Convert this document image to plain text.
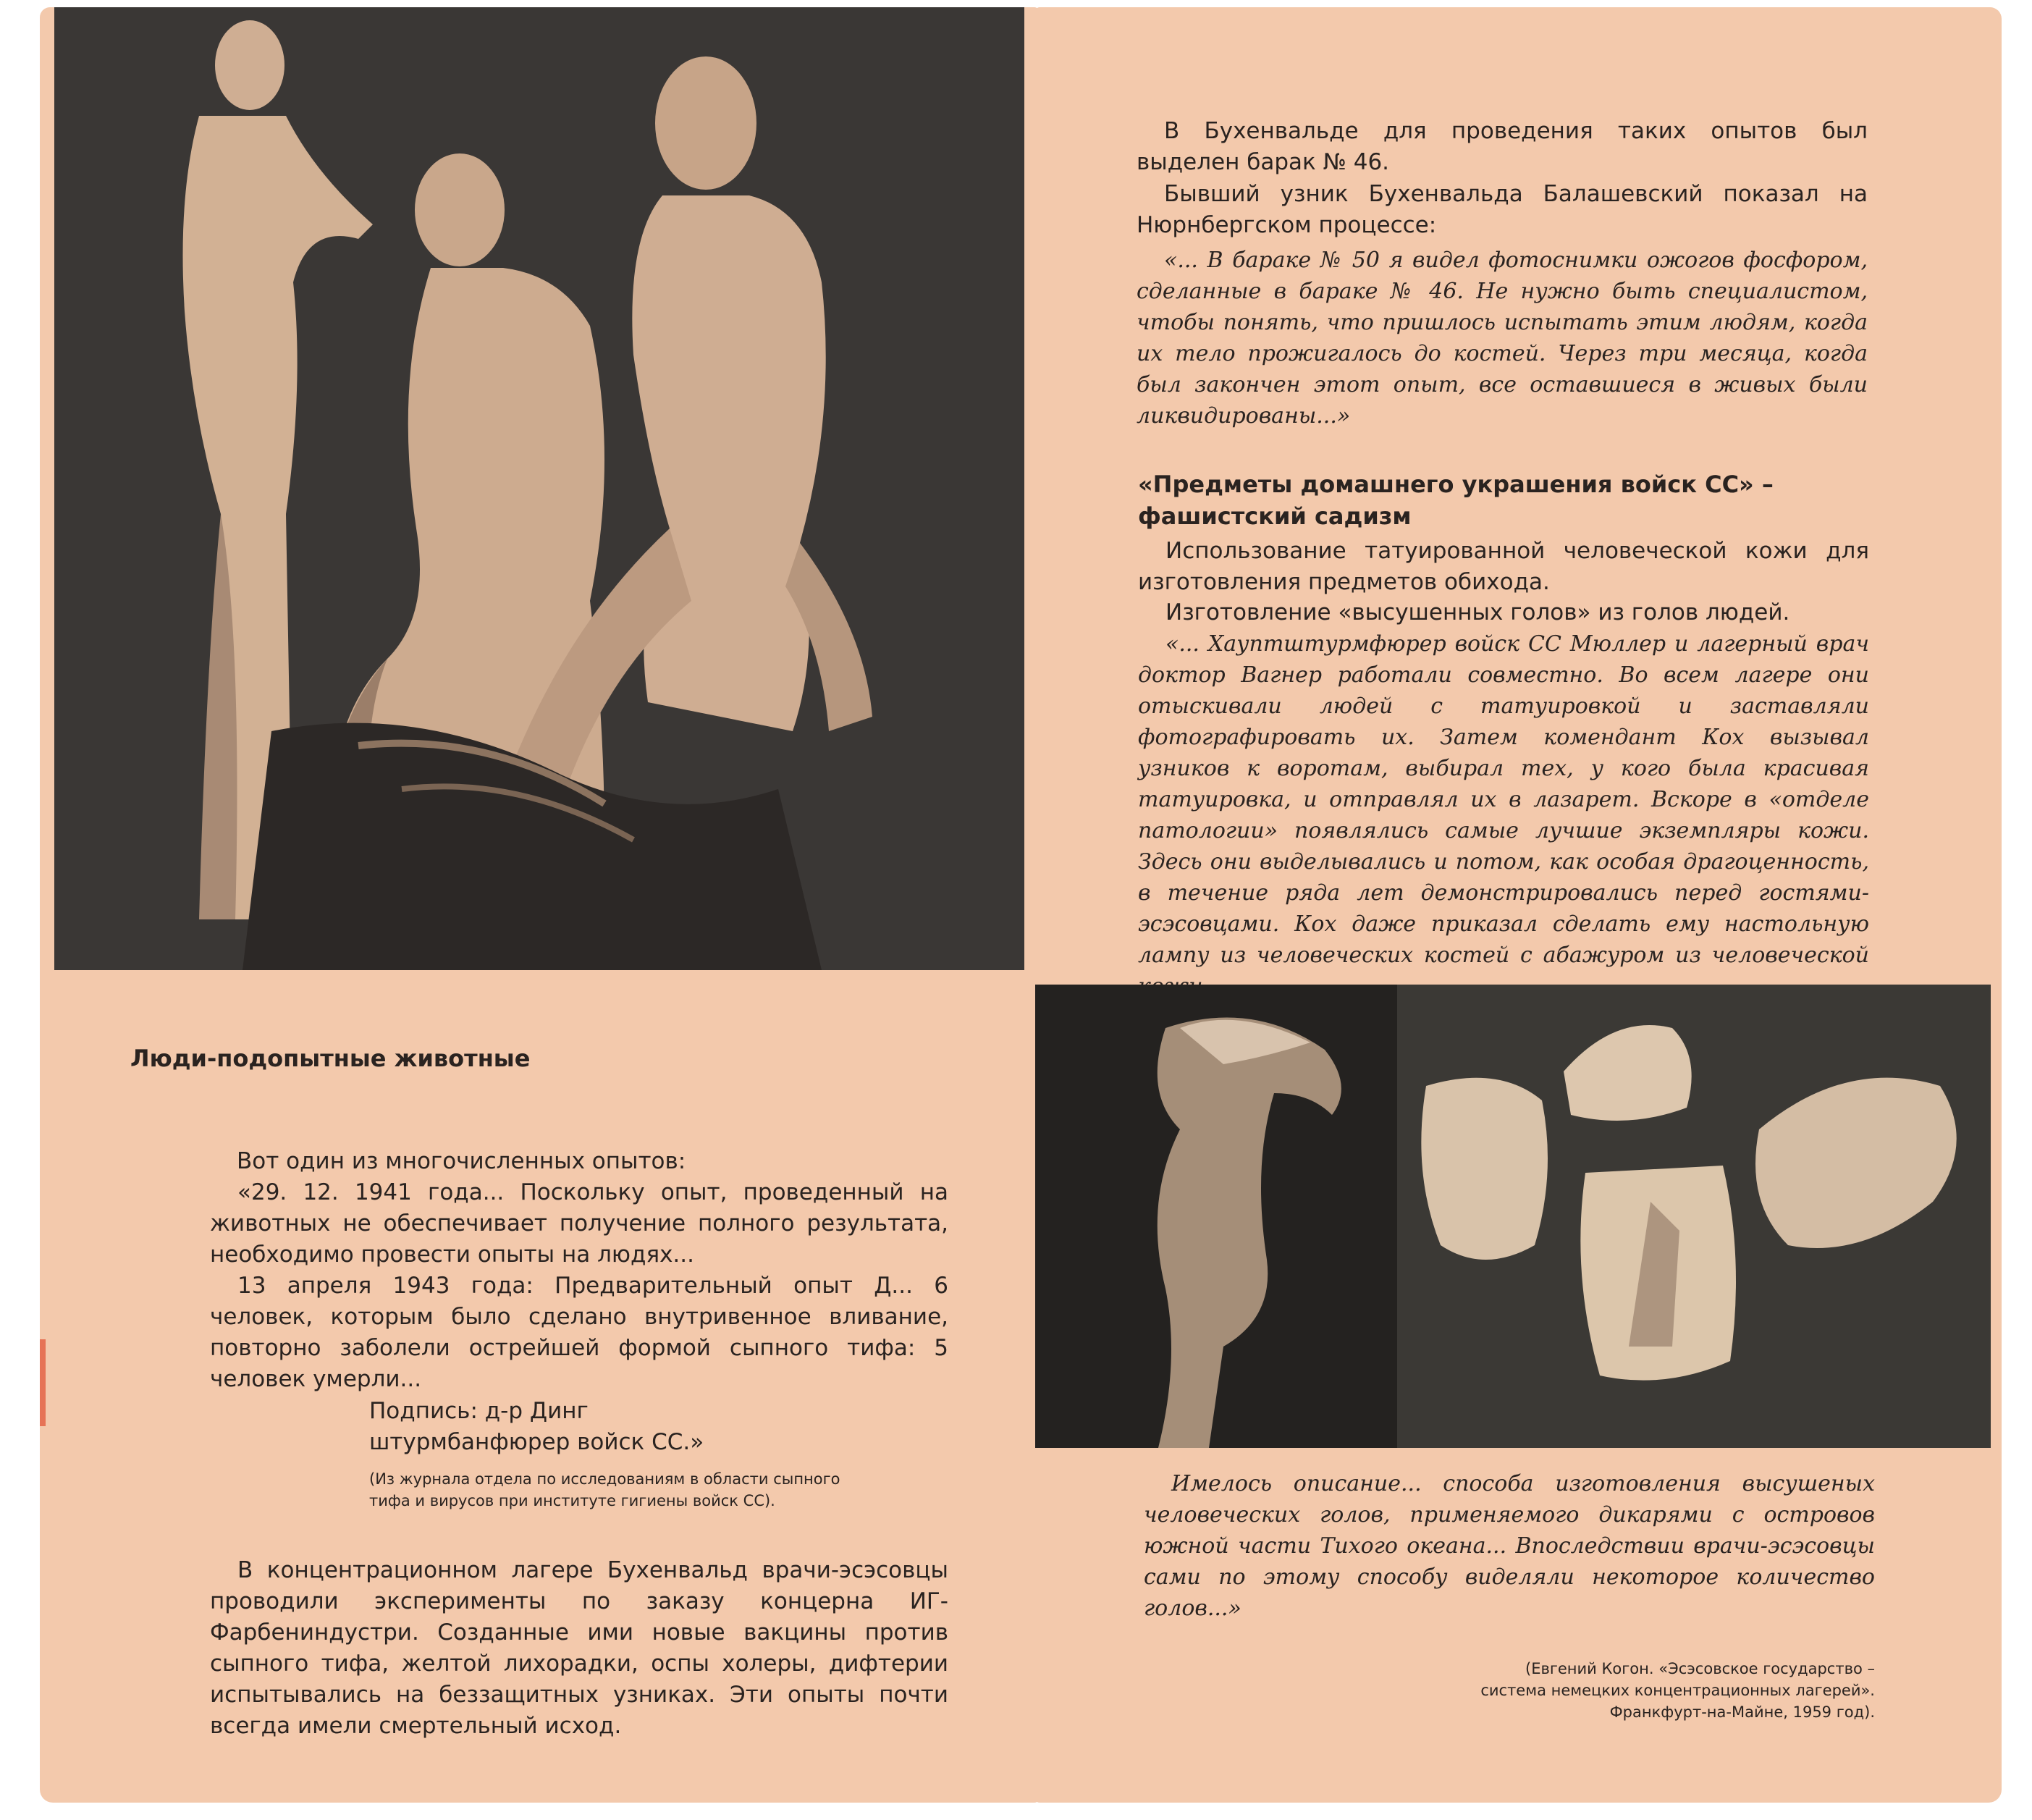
Люди-подопытные животные

Вот один из многочисленных опытов:

«29. 12. 1941 года... Поскольку опыт, проведенный на животных не обеспечивает получение полного результата, необходимо провести опыты на людях...

13 апреля 1943 года: Предварительный опыт Д... 6 человек, которым было сделано внутривенное вливание, повторно заболели острейшей формой сыпного тифа: 5 человек умерли...

Подпись: д-р Динг

штурмбанфюрер войск СС.»

(Из журнала отдела по исследованиям в области сыпного

тифа и вирусов при институте гигиены войск СС).

В концентрационном лагере Бухенвальд врачи-эсэсовцы проводили эксперименты по заказу концерна ИГ-Фарбениндустри. Созданные ими новые вакцины против сыпного тифа, желтой лихорадки, оспы холеры, дифтерии испытывались на беззащитных узниках. Эти опыты почти всегда имели смертельный исход.

В Бухенвальде для проведения таких опытов был выделен барак № 46.

Бывший узник Бухенвальда Балашевский показал на Нюрнбергском процессе:

«... В бараке № 50 я видел фотоснимки ожогов фосфором, сделанные в бараке № 46. Не нужно быть специалистом, чтобы понять, что пришлось испытать этим людям, когда их тело прожигалось до костей. Через три месяца, когда был закончен этот опыт, все оставшиеся в живых были ликвидированы...»

«Предметы домашнего украшения войск СС» –

фашистский садизм

Использование татуированной человеческой кожи для изготовления предметов обихода.

Изготовление «высушенных голов» из голов людей.

«... Хауптштурмфюрер войск СС Мюллер и лагерный врач доктор Вагнер работали совместно. Во всем лагере они отыскивали людей с татуировкой и заставляли фотографировать их. Затем комендант Кох вызывал узников к воротам, выбирал тех, у кого была красивая татуировка, и отправлял их в лазарет. Вскоре в «отделе патологии» появлялись самые лучшие экземпляры кожи. Здесь они выделывались и потом, как особая драгоценность, в течение ряда лет демонстрировались перед гостями-эсэсовцами. Кох даже приказал сделать ему настольную лампу из человеческих костей с абажуром из человеческой

Имелось описание... способа изготовления высушеных человеческих голов, применяемого дикарями с островов южной части Тихого океана... Впоследствии врачи-эсэсовцы сами по этому способу виделяли некоторое количество голов...»

(Евгений Когон. «Эсэсовское государство –

система немецких концентрационных лагерей».

Франкфурт-на-Майне, 1959 год).
